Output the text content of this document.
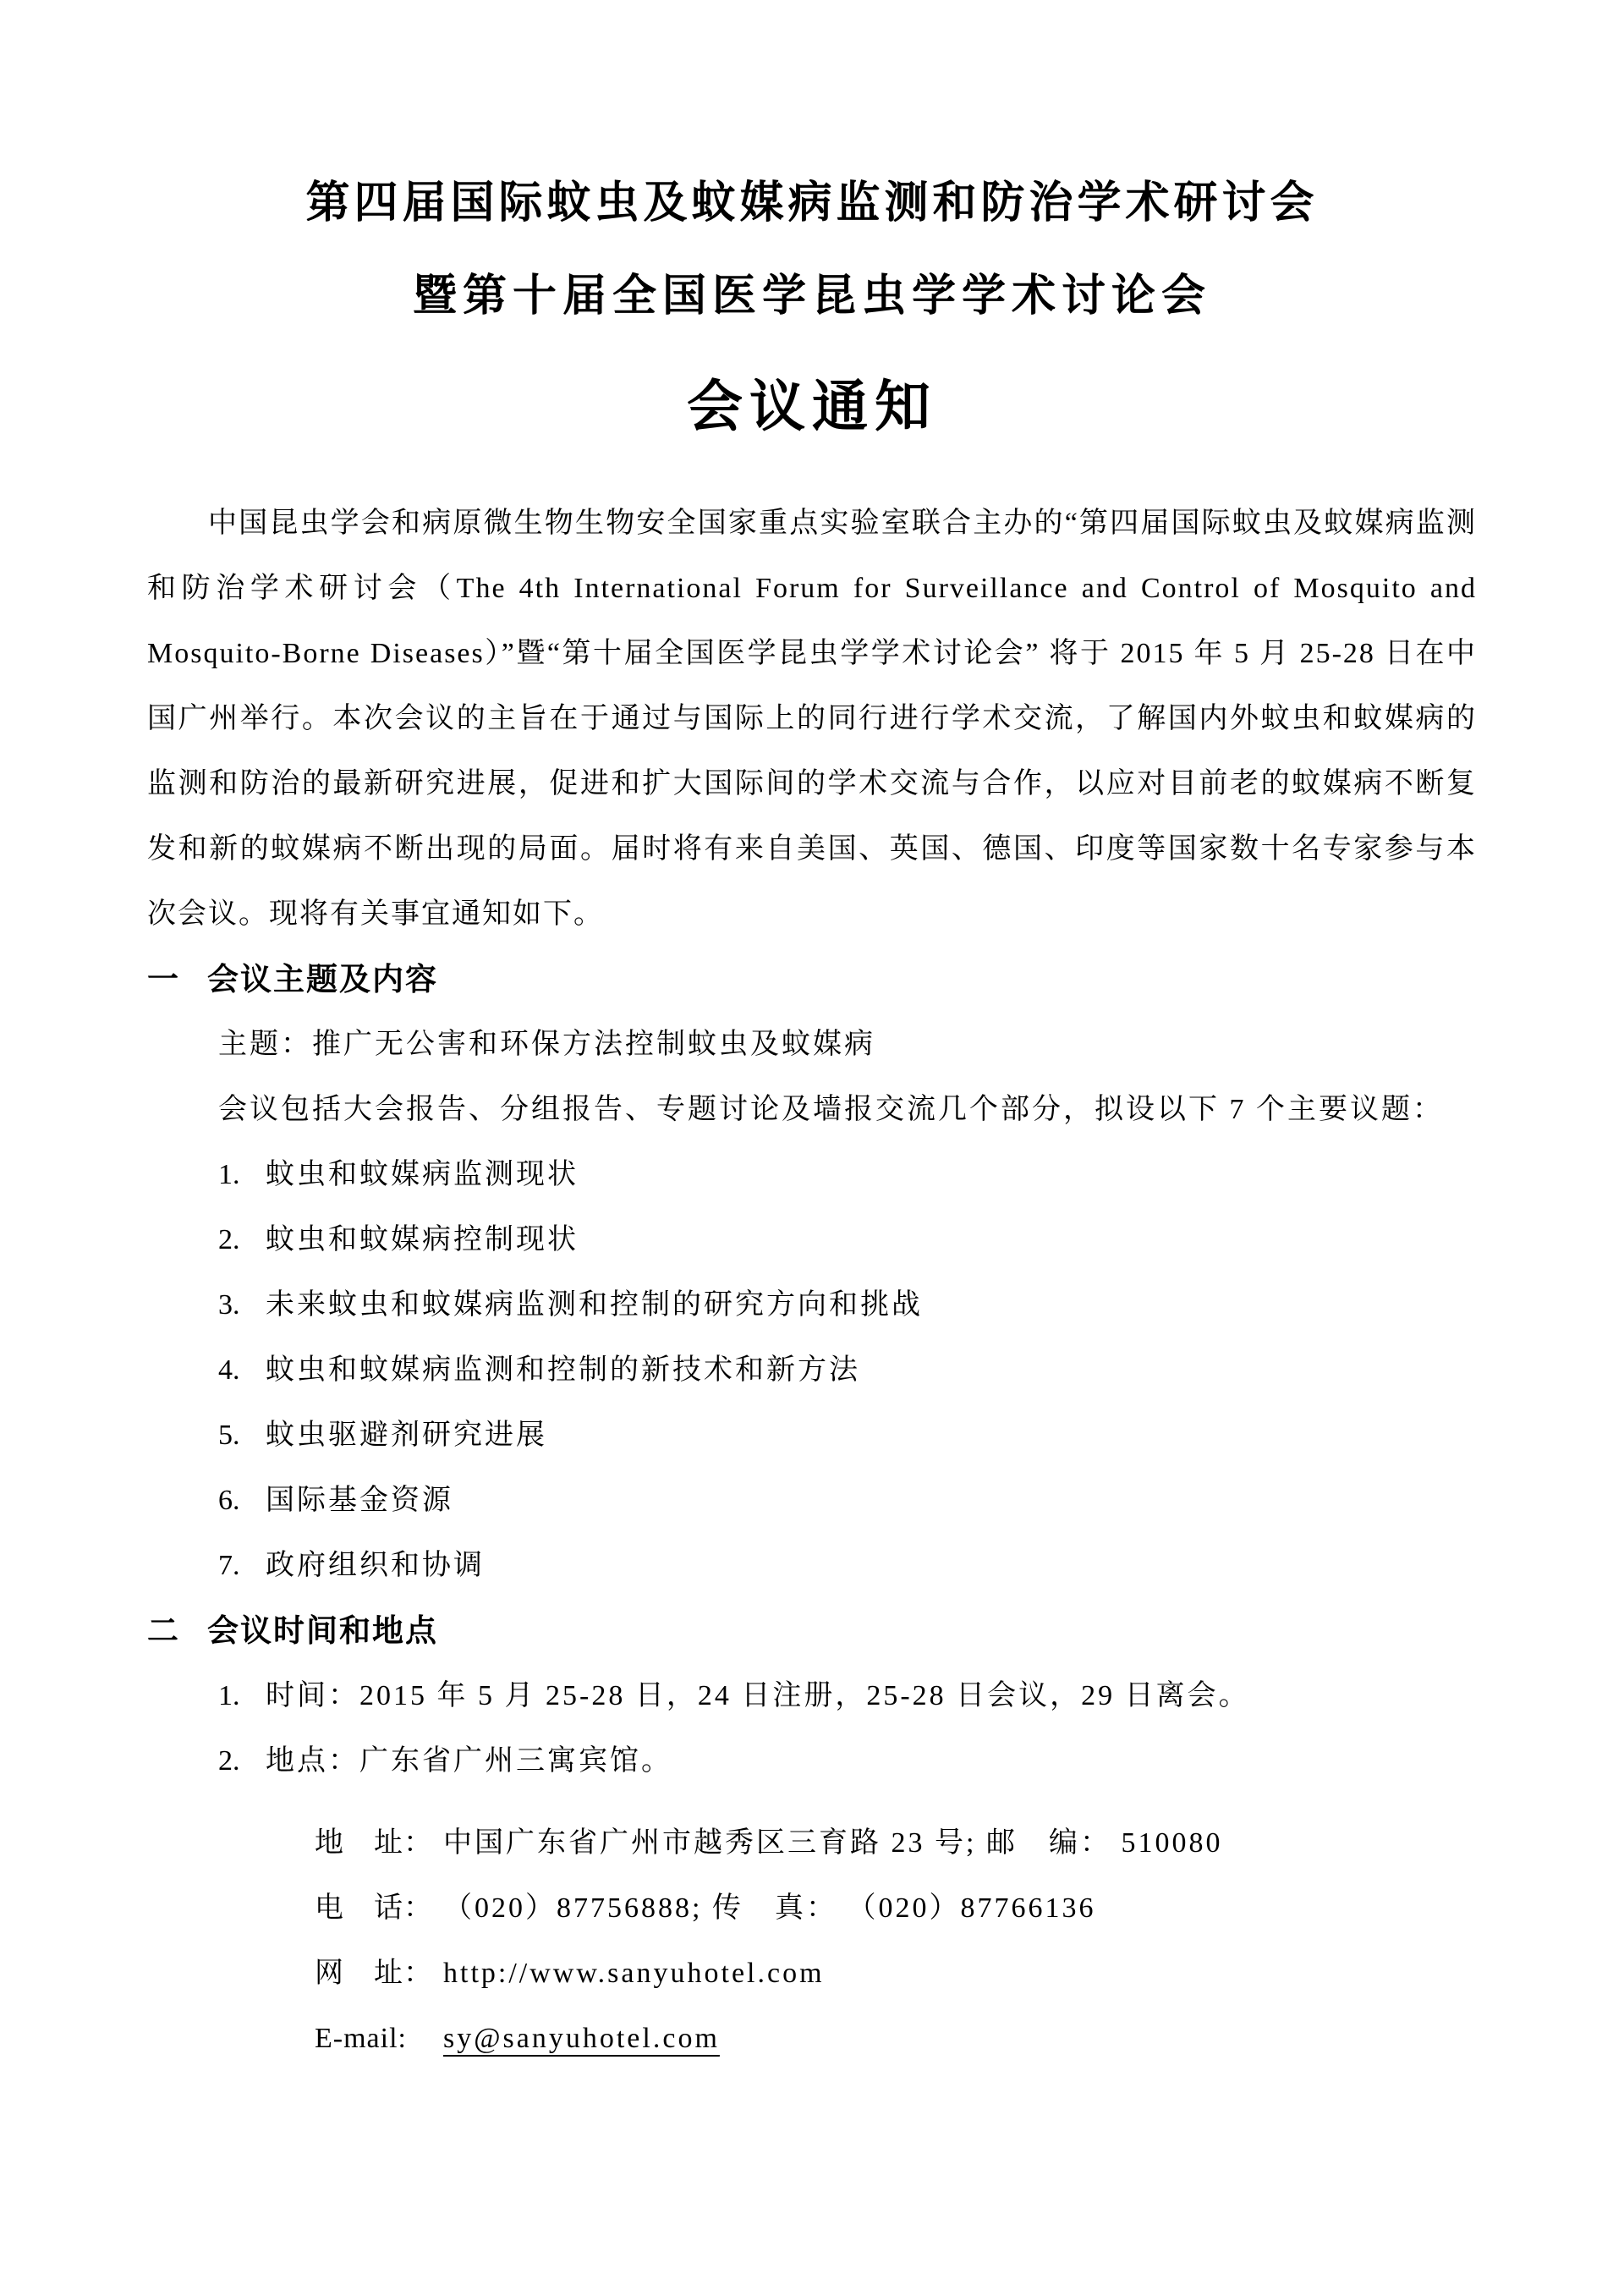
第四届国际蚊虫及蚊媒病监测和防治学术研讨会
暨第十届全国医学昆虫学学术讨论会
会议通知

中国昆虫学会和病原微生物生物安全国家重点实验室联合主办的“第四届国际蚊虫及蚊媒病监测和防治学术研讨会（The 4th International Forum for Surveillance and Control of Mosquito and Mosquito-Borne Diseases）”暨“第十届全国医学昆虫学学术讨论会” 将于 2015 年 5 月 25-28 日在中国广州举行。本次会议的主旨在于通过与国际上的同行进行学术交流，了解国内外蚊虫和蚊媒病的监测和防治的最新研究进展，促进和扩大国际间的学术交流与合作，以应对目前老的蚊媒病不断复发和新的蚊媒病不断出现的局面。届时将有来自美国、英国、德国、印度等国家数十名专家参与本次会议。现将有关事宜通知如下。

一 会议主题及内容

主题：推广无公害和环保方法控制蚊虫及蚊媒病

会议包括大会报告、分组报告、专题讨论及墙报交流几个部分，拟设以下 7 个主要议题：

1. 蚊虫和蚊媒病监测现状
2. 蚊虫和蚊媒病控制现状
3. 未来蚊虫和蚊媒病监测和控制的研究方向和挑战
4. 蚊虫和蚊媒病监测和控制的新技术和新方法
5. 蚊虫驱避剂研究进展
6. 国际基金资源
7. 政府组织和协调
二 会议时间和地点
1. 时间：2015 年 5 月 25-28 日，24 日注册，25-28 日会议，29 日离会。
2. 地点：广东省广州三寓宾馆。
地　址： 中国广东省广州市越秀区三育路 23 号; 邮　编： 510080
电　话： （020）87756888; 传　真： （020）87766136
网　址： http://www.sanyuhotel.com
E-mail:	sy@sanyuhotel.com
